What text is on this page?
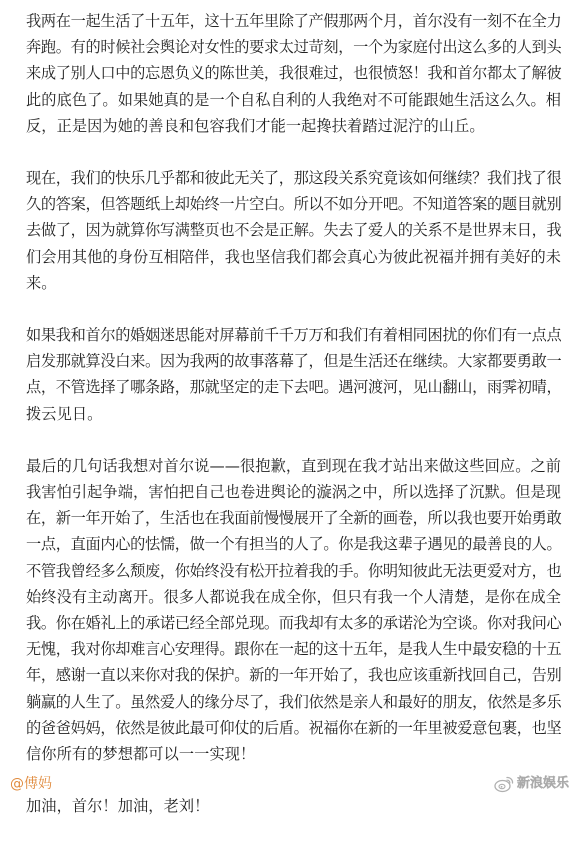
我两在一起生活了十五年，这十五年里除了产假那两个月，首尔没有一刻不在全力
奔跑。有的时候社会舆论对女性的要求太过苛刻，一个为家庭付出这么多的人到头
来成了别人口中的忘恩负义的陈世美，我很难过，也很愤怒！我和首尔都太了解彼
此的底色了。如果她真的是一个自私自利的人我绝对不可能跟她生活这么久。相
反，正是因为她的善良和包容我们才能一起搀扶着踏过泥泞的山丘。

现在，我们的快乐几乎都和彼此无关了，那这段关系究竟该如何继续？我们找了很
久的答案，但答题纸上却始终一片空白。所以不如分开吧。不知道答案的题目就别
去做了，因为就算你写满整页也不会是正解。失去了爱人的关系不是世界末日，我
们会用其他的身份互相陪伴，我也坚信我们都会真心为彼此祝福并拥有美好的未
来。

如果我和首尔的婚姻迷思能对屏幕前千千万万和我们有着相同困扰的你们有一点点
启发那就算没白来。因为我两的故事落幕了，但是生活还在继续。大家都要勇敢一
点，不管选择了哪条路，那就坚定的走下去吧。遇河渡河，见山翻山，雨霁初晴，
拨云见日。

最后的几句话我想对首尔说——很抱歉，直到现在我才站出来做这些回应。之前
我害怕引起争端，害怕把自己也卷进舆论的漩涡之中，所以选择了沉默。但是现
在，新一年开始了，生活也在我面前慢慢展开了全新的画卷，所以我也要开始勇敢
一点，直面内心的怯懦，做一个有担当的人了。你是我这辈子遇见的最善良的人。
不管我曾经多么颓废，你始终没有松开拉着我的手。你明知彼此无法更爱对方，也
始终没有主动离开。很多人都说我在成全你，但只有我一个人清楚，是你在成全
我。你在婚礼上的承诺已经全部兑现。而我却有太多的承诺沦为空谈。你对我问心
无愧，我对你却难言心安理得。跟你在一起的这十五年，是我人生中最安稳的十五
年，感谢一直以来你对我的保护。新的一年开始了，我也应该重新找回自己，告别
躺赢的人生了。虽然爱人的缘分尽了，我们依然是亲人和最好的朋友，依然是多乐
的爸爸妈妈，依然是彼此最可仰仗的后盾。祝福你在新的一年里被爱意包裹，也坚
信你所有的梦想都可以一一实现！

加油，首尔！加油，老刘！

@傅妈	新浪娱乐
